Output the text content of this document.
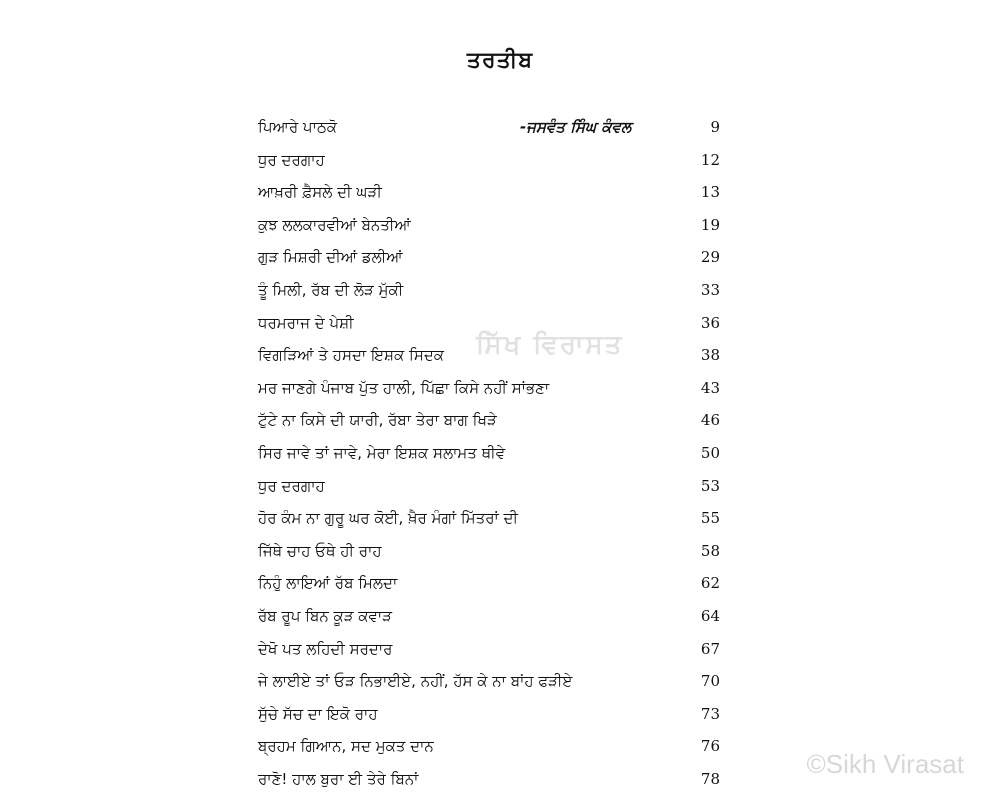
ਤਰਤੀਬ
ਸਿੱਖ ਵਿਰਾਸਤ
ਪਿਆਰੇ ਪਾਠਕੋ	-ਜਸਵੰਤ ਸਿੰਘ ਕੰਵਲ	9
ਧੁਰ ਦਰਗਾਹ	12
ਆਖ਼ਰੀ ਫ਼ੈਸਲੇ ਦੀ ਘੜੀ	13
ਕੁਝ ਲਲਕਾਰਵੀਆਂ ਬੇਨਤੀਆਂ	19
ਗੁੜ ਮਿਸ਼ਰੀ ਦੀਆਂ ਡਲੀਆਂ	29
ਤੂੰ ਮਿਲੀ, ਰੱਬ ਦੀ ਲੋੜ ਮੁੱਕੀ	33
ਧਰਮਰਾਜ ਦੇ ਪੇਸ਼ੀ	36
ਵਿਗੜਿਆਂ ਤੇ ਹਸਦਾ ਇਸ਼ਕ ਸਿਦਕ	38
ਮਰ ਜਾਣਗੇ ਪੰਜਾਬ ਪੁੱਤ ਹਾਲੀ, ਪਿੱਛਾ ਕਿਸੇ ਨਹੀਂ ਸਾਂਭਣਾ	43
ਟੁੱਟੇ ਨਾ ਕਿਸੇ ਦੀ ਯਾਰੀ, ਰੱਬਾ ਤੇਰਾ ਬਾਗ ਖਿੜੇ	46
ਸਿਰ ਜਾਵੇ ਤਾਂ ਜਾਵੇ, ਮੇਰਾ ਇਸ਼ਕ ਸਲਾਮਤ ਥੀਵੇ	50
ਧੁਰ ਦਰਗਾਹ	53
ਹੋਰ ਕੰਮ ਨਾ ਗੁਰੂ ਘਰ ਕੋਈ, ਖ਼ੈਰ ਮੰਗਾਂ ਮਿੱਤਰਾਂ ਦੀ	55
ਜਿੱਥੇ ਚਾਹ ਓਥੇ ਹੀ ਰਾਹ	58
ਨਿਹੁੰ ਲਾਇਆਂ ਰੱਬ ਮਿਲਦਾ	62
ਰੱਬ ਰੂਪ ਬਿਨ ਕੂੜ ਕਵਾੜ	64
ਦੇਖੋ ਪਤ ਲਹਿਦੀ ਸਰਦਾਰ	67
ਜੇ ਲਾਈਏ ਤਾਂ ਓੜ ਨਿਭਾਈਏ, ਨਹੀਂ, ਹੱਸ ਕੇ ਨਾ ਬਾਂਹ ਫੜੀਏ	70
ਸੁੱਚੇ ਸੱਚ ਦਾ ਇਕੋ ਰਾਹ	73
ਬ੍ਰਹਮ ਗਿਆਨ, ਸਦ ਮੁਕਤ ਦਾਨ	76
ਰਾਣੋ! ਹਾਲ ਬੁਰਾ ਈ ਤੇਰੇ ਬਿਨਾਂ	78	©Sikh Virasat
